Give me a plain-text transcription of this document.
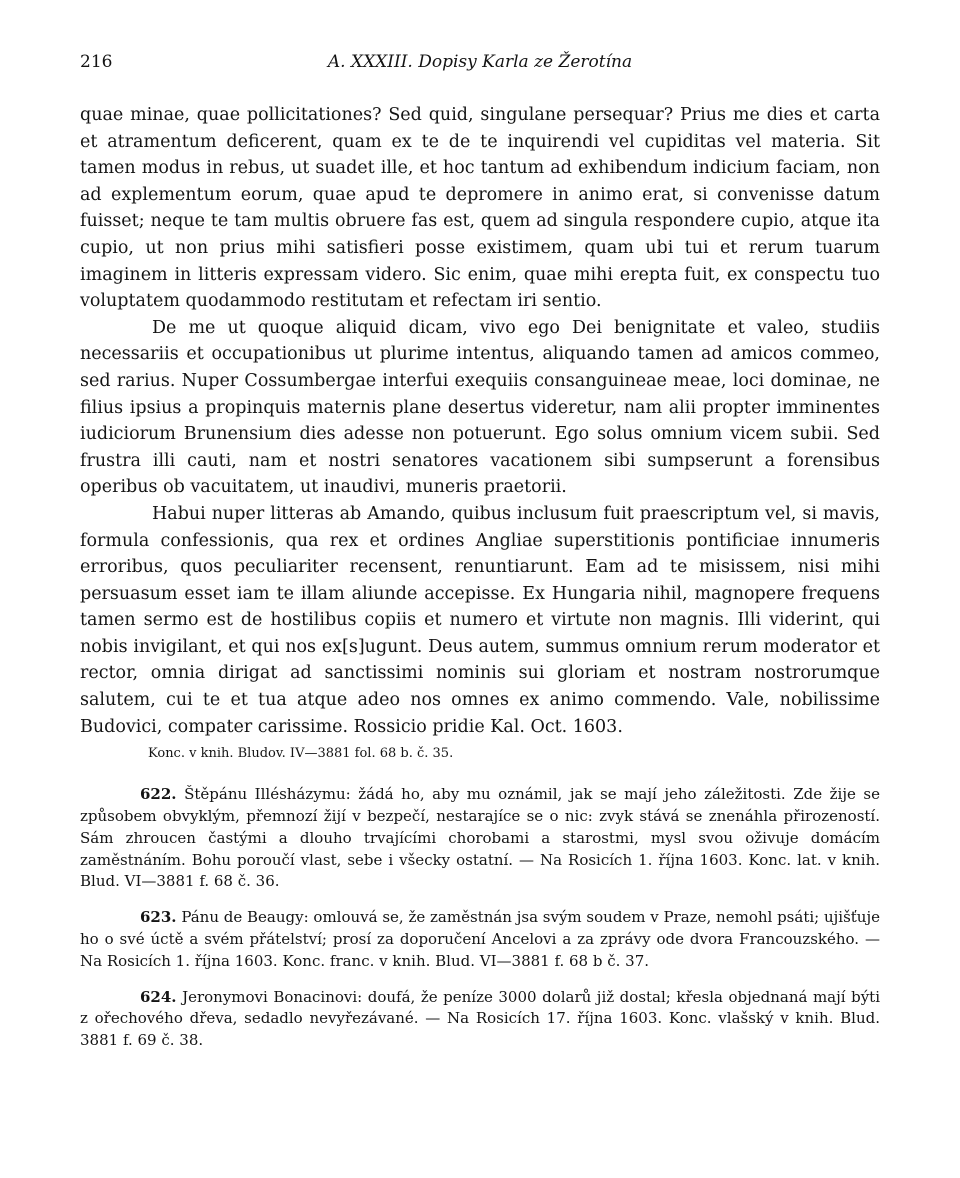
216	A. XXXIII. Dopisy Karla ze Žerotína

quae minae, quae pollicitationes? Sed quid, singulane persequar? Prius me dies et carta et atramentum deficerent, quam ex te de te inquirendi vel cupiditas vel materia. Sit tamen modus in rebus, ut suadet ille, et hoc tantum ad exhibendum indicium faciam, non ad explementum eorum, quae apud te depromere in animo erat, si convenisse datum fuisset; neque te tam multis obruere fas est, quem ad singula respondere cupio, atque ita cupio, ut non prius mihi satisfieri posse existimem, quam ubi tui et rerum tuarum imaginem in litteris expressam videro. Sic enim, quae mihi erepta fuit, ex conspectu tuo voluptatem quodammodo restitutam et refectam iri sentio.

De me ut quoque aliquid dicam, vivo ego Dei benignitate et valeo, studiis necessariis et occupationibus ut plurime intentus, aliquando tamen ad amicos commeo, sed rarius. Nuper Cossumbergae interfui exequiis consanguineae meae, loci dominae, ne filius ipsius a propinquis maternis plane desertus videretur, nam alii propter imminentes iudiciorum Brunensium dies adesse non potuerunt. Ego solus omnium vicem subii. Sed frustra illi cauti, nam et nostri senatores vacationem sibi sumpserunt a forensibus operibus ob vacuitatem, ut inaudivi, muneris praetorii.

Habui nuper litteras ab Amando, quibus inclusum fuit praescriptum vel, si mavis, formula confessionis, qua rex et ordines Angliae superstitionis pontificiae innumeris erroribus, quos peculiariter recensent, renuntiarunt. Eam ad te misissem, nisi mihi persuasum esset iam te illam aliunde accepisse. Ex Hungaria nihil, magnopere frequens tamen sermo est de hostilibus copiis et numero et virtute non magnis. Illi viderint, qui nobis invigilant, et qui nos ex[s]ugunt. Deus autem, summus omnium rerum moderator et rector, omnia dirigat ad sanctissimi nominis sui gloriam et nostram nostrorumque salutem, cui te et tua atque adeo nos omnes ex animo commendo. Vale, nobilissime Budovici, compater carissime. Rossicio pridie Kal. Oct. 1603.

Konc. v knih. Bludov. IV—3881 fol. 68 b. č. 35.

622. Štěpánu Illésházymu: žádá ho, aby mu oznámil, jak se mají jeho záležitosti. Zde žije se způsobem obvyklým, přemnozí žijí v bezpečí, nestarajíce se o nic: zvyk stává se znenáhla přirozeností. Sám zhroucen častými a dlouho trvajícími chorobami a starostmi, mysl svou oživuje domácím zaměstnáním. Bohu poroučí vlast, sebe i všecky ostatní. — Na Rosicích 1. října 1603. Konc. lat. v knih. Blud. VI—3881 f. 68 č. 36.

623. Pánu de Beaugy: omlouvá se, že zaměstnán jsa svým soudem v Praze, nemohl psáti; ujišťuje ho o své úctě a svém přátelství; prosí za doporučení Ancelovi a za zprávy ode dvora Francouzského. — Na Rosicích 1. října 1603. Konc. franc. v knih. Blud. VI—3881 f. 68 b č. 37.

624. Jeronymovi Bonacinovi: doufá, že peníze 3000 dolarů již dostal; křesla objednaná mají býti z ořechového dřeva, sedadlo nevyřezávané. — Na Rosicích 17. října 1603. Konc. vlašský v knih. Blud. 3881 f. 69 č. 38.
